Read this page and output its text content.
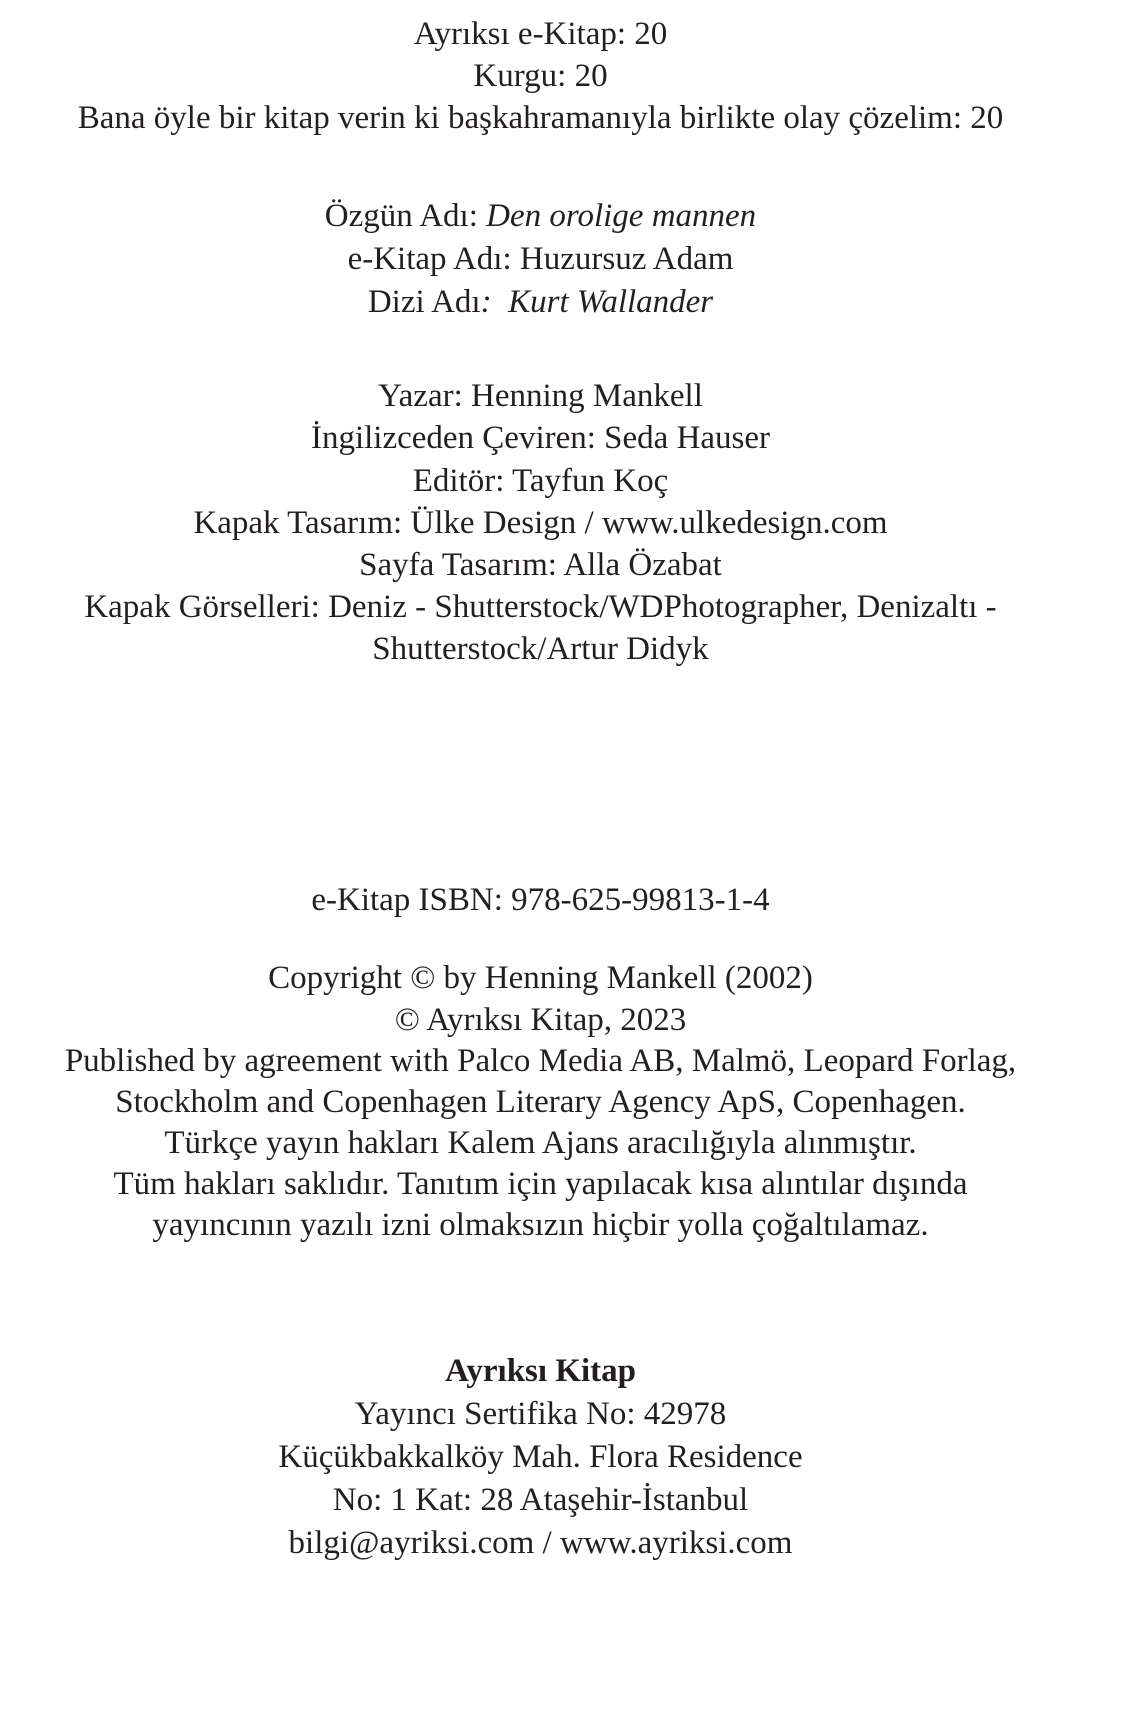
Ayrıksı e-Kitap: 20
Kurgu: 20
Bana öyle bir kitap verin ki başkahramanıyla birlikte olay çözelim: 20
Özgün Adı: Den orolige mannen
e-Kitap Adı: Huzursuz Adam
Dizi Adı: Kurt Wallander
Yazar: Henning Mankell
İngilizceden Çeviren: Seda Hauser
Editör: Tayfun Koç
Kapak Tasarım: Ülke Design / www.ulkedesign.com
Sayfa Tasarım: Alla Özabat
Kapak Görselleri: Deniz - Shutterstock/WDPhotographer, Denizaltı -
Shutterstock/Artur Didyk
e-Kitap ISBN: 978-625-99813-1-4
Copyright © by Henning Mankell (2002)
© Ayrıksı Kitap, 2023
Published by agreement with Palco Media AB, Malmö, Leopard Forlag,
Stockholm and Copenhagen Literary Agency ApS, Copenhagen.
Türkçe yayın hakları Kalem Ajans aracılığıyla alınmıştır.
Tüm hakları saklıdır. Tanıtım için yapılacak kısa alıntılar dışında
yayıncının yazılı izni olmaksızın hiçbir yolla çoğaltılamaz.
Ayrıksı Kitap
Yayıncı Sertifika No: 42978
Küçükbakkalköy Mah. Flora Residence
No: 1 Kat: 28 Ataşehir-İstanbul
bilgi@ayriksi.com / www.ayriksi.com
